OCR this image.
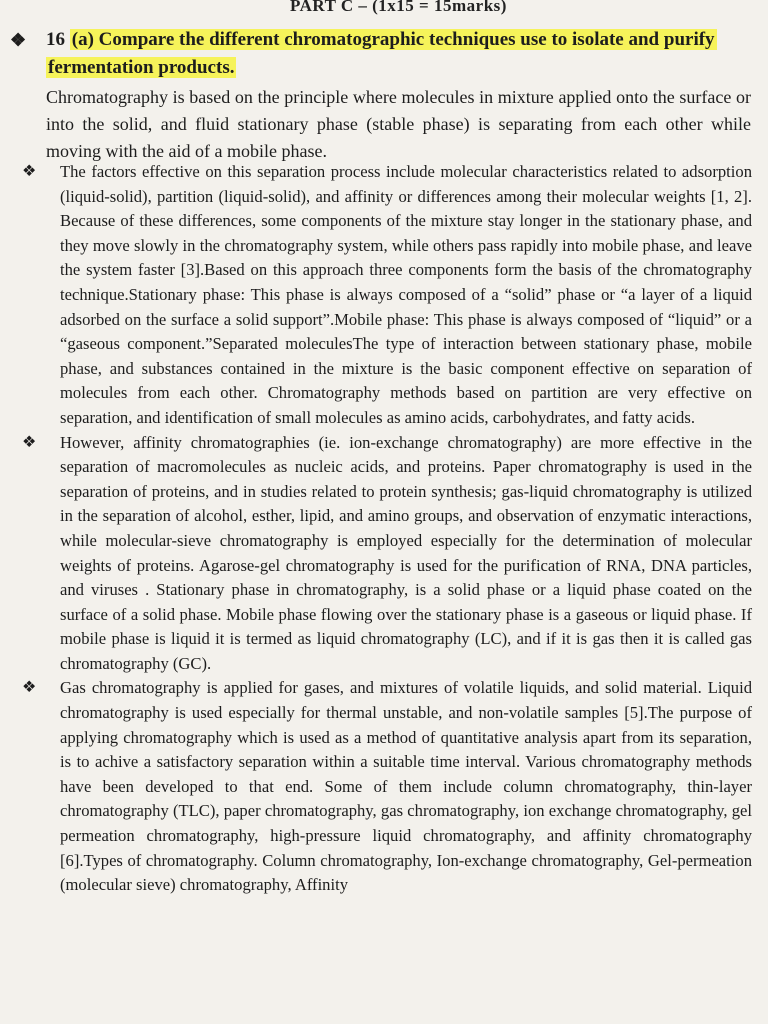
PART C – (1x15 = 15marks)
❖ 16 (a) Compare the different chromatographic techniques use to isolate and purify fermentation products.
Chromatography is based on the principle where molecules in mixture applied onto the surface or into the solid, and fluid stationary phase (stable phase) is separating from each other while moving with the aid of a mobile phase.
❖ The factors effective on this separation process include molecular characteristics related to adsorption (liquid-solid), partition (liquid-solid), and affinity or differences among their molecular weights [1, 2]. Because of these differences, some components of the mixture stay longer in the stationary phase, and they move slowly in the chromatography system, while others pass rapidly into mobile phase, and leave the system faster [3].Based on this approach three components form the basis of the chromatography technique.Stationary phase: This phase is always composed of a “solid” phase or “a layer of a liquid adsorbed on the surface a solid support”.Mobile phase: This phase is always composed of “liquid” or a “gaseous component.”Separated moleculesThe type of interaction between stationary phase, mobile phase, and substances contained in the mixture is the basic component effective on separation of molecules from each other. Chromatography methods based on partition are very effective on separation, and identification of small molecules as amino acids, carbohydrates, and fatty acids.
❖ However, affinity chromatographies (ie. ion-exchange chromatography) are more effective in the separation of macromolecules as nucleic acids, and proteins. Paper chromatography is used in the separation of proteins, and in studies related to protein synthesis; gas-liquid chromatography is utilized in the separation of alcohol, esther, lipid, and amino groups, and observation of enzymatic interactions, while molecular-sieve chromatography is employed especially for the determination of molecular weights of proteins. Agarose-gel chromatography is used for the purification of RNA, DNA particles, and viruses . Stationary phase in chromatography, is a solid phase or a liquid phase coated on the surface of a solid phase. Mobile phase flowing over the stationary phase is a gaseous or liquid phase. If mobile phase is liquid it is termed as liquid chromatography (LC), and if it is gas then it is called gas chromatography (GC).
❖ Gas chromatography is applied for gases, and mixtures of volatile liquids, and solid material. Liquid chromatography is used especially for thermal unstable, and non-volatile samples [5].The purpose of applying chromatography which is used as a method of quantitative analysis apart from its separation, is to achive a satisfactory separation within a suitable time interval. Various chromatography methods have been developed to that end. Some of them include column chromatography, thin-layer chromatography (TLC), paper chromatography, gas chromatography, ion exchange chromatography, gel permeation chromatography, high-pressure liquid chromatography, and affinity chromatography [6].Types of chromatography. Column chromatography, Ion-exchange chromatography, Gel-permeation (molecular sieve) chromatography, Affinity
